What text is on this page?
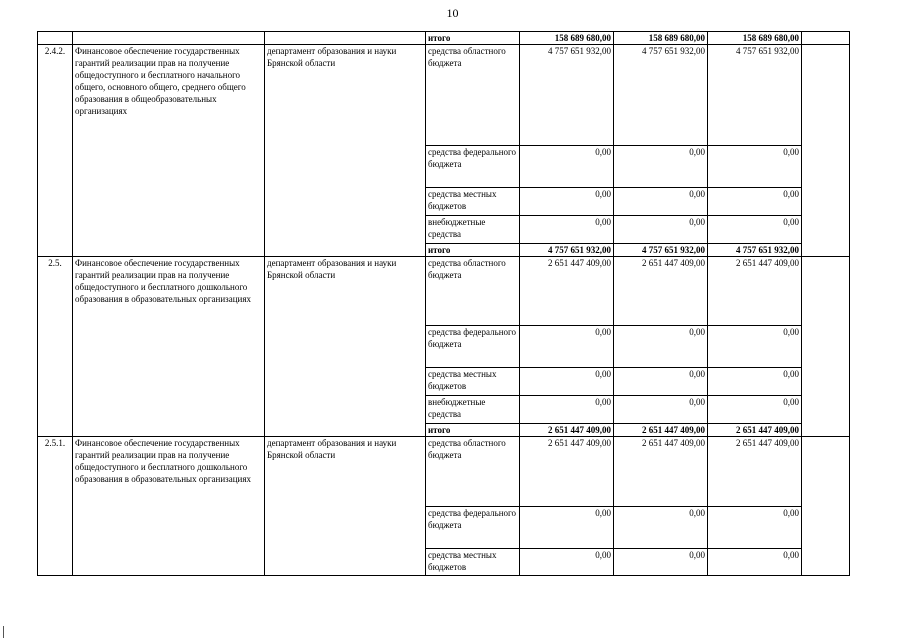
10
			итого	158 689 680,00	158 689 680,00	158 689 680,00	
2.4.2.	Финансовое обеспечение государственных гарантий реализации прав на получение общедоступного и бесплатного начального общего, основного общего, среднего общего образования в общеобразовательных организациях	департамент образования и науки Брянской области	средства областного бюджета	4 757 651 932,00	4 757 651 932,00	4 757 651 932,00	
			средства федерального бюджета	0,00	0,00	0,00	
			средства местных бюджетов	0,00	0,00	0,00	
			внебюджетные средства	0,00	0,00	0,00	
			итого	4 757 651 932,00	4 757 651 932,00	4 757 651 932,00	
2.5.	Финансовое обеспечение государственных гарантий реализации прав на получение общедоступного и бесплатного дошкольного образования в образовательных организациях	департамент образования и науки Брянской области	средства областного бюджета	2 651 447 409,00	2 651 447 409,00	2 651 447 409,00	
			средства федерального бюджета	0,00	0,00	0,00	
			средства местных бюджетов	0,00	0,00	0,00	
			внебюджетные средства	0,00	0,00	0,00	
			итого	2 651 447 409,00	2 651 447 409,00	2 651 447 409,00	
2.5.1.	Финансовое обеспечение государственных гарантий реализации прав на получение общедоступного и бесплатного дошкольного образования в образовательных организациях	департамент образования и науки Брянской области	средства областного бюджета	2 651 447 409,00	2 651 447 409,00	2 651 447 409,00	
			средства федерального бюджета	0,00	0,00	0,00	
			средства местных бюджетов	0,00	0,00	0,00	
